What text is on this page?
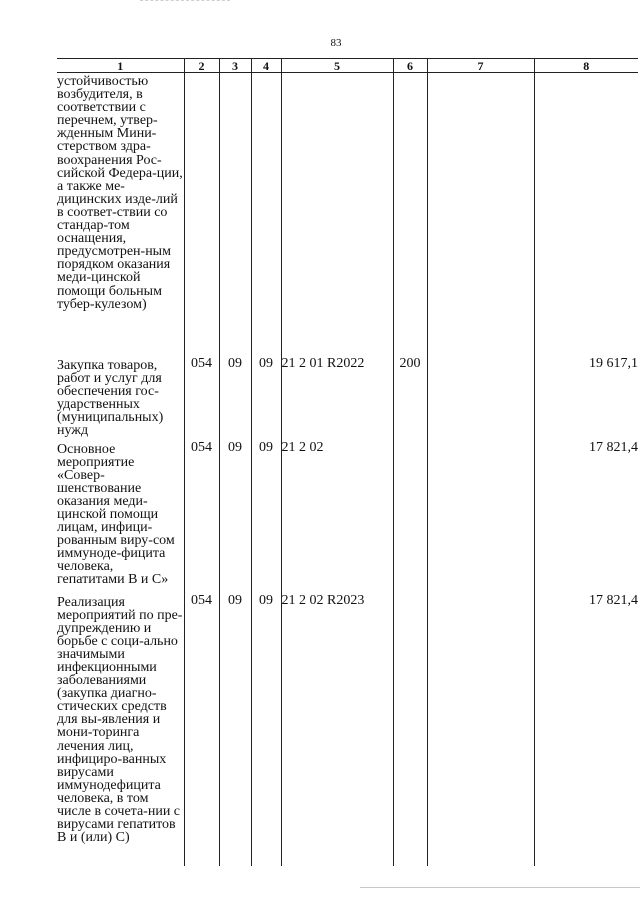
83
1	2	3	4	5	6	7	8
устойчивостью возбудителя, в соответствии с перечнем, утвер-жденным Мини-стерством здра-воохранения Рос-сийской Федера-ции, а также ме-дицинских изде-лий в соответ-ствии со стандар-том оснащения, предусмотрен-ным порядком оказания меди-цинской помощи больным тубер-кулезом)							
Закупка товаров, работ и услуг для обеспечения гос-ударственных (муниципальных) нужд	054	09	09	21 2 01 R2022	200		19 617,1
Основное мероприятие «Совер-шенствование оказания меди-цинской помощи лицам, инфици-рованным виру-сом иммуноде-фицита человека, гепатитами B и C»	054	09	09	21 2 02			17 821,4
Реализация мероприятий по пре-дупреждению и борьбе с соци-ально значимыми инфекционными заболеваниями (закупка диагно-стических средств для вы-явления и мони-торинга лечения лиц, инфициро-ванных вирусами иммунодефицита человека, в том числе в сочета-нии с вирусами гепатитов B и (или) C)	054	09	09	21 2 02 R2023			17 821,4
